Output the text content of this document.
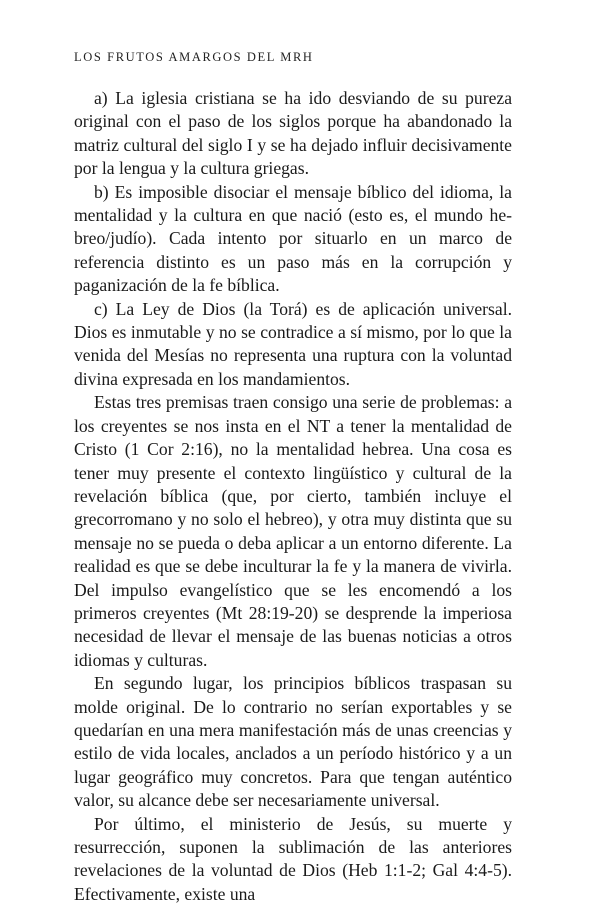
LOS FRUTOS AMARGOS DEL MRH

a) La iglesia cristiana se ha ido desviando de su pureza original con el paso de los siglos porque ha abandonado la matriz cultural del siglo I y se ha dejado influir decisivamente por la lengua y la cultura griegas.

b) Es imposible disociar el mensaje bíblico del idioma, la mentalidad y la cultura en que nació (esto es, el mundo hebreo/judío). Cada intento por situarlo en un marco de referencia distinto es un paso más en la corrupción y paganización de la fe bíblica.

c) La Ley de Dios (la Torá) es de aplicación universal. Dios es inmutable y no se contradice a sí mismo, por lo que la venida del Mesías no representa una ruptura con la voluntad divina expresada en los mandamientos.

Estas tres premisas traen consigo una serie de problemas: a los creyentes se nos insta en el NT a tener la mentalidad de Cristo (1 Cor 2:16), no la mentalidad hebrea. Una cosa es tener muy presente el contexto lingüístico y cultural de la revelación bíblica (que, por cierto, también incluye el grecorromano y no solo el hebreo), y otra muy distinta que su mensaje no se pueda o deba aplicar a un entorno diferente. La realidad es que se debe inculturar la fe y la manera de vivirla. Del impulso evangelístico que se les encomendó a los primeros creyentes (Mt 28:19-20) se desprende la imperiosa necesidad de llevar el mensaje de las buenas noticias a otros idiomas y culturas.

En segundo lugar, los principios bíblicos traspasan su molde original. De lo contrario no serían exportables y se quedarían en una mera manifestación más de unas creencias y estilo de vida locales, anclados a un período histórico y a un lugar geográfico muy concretos. Para que tengan auténtico valor, su alcance debe ser necesariamente universal.

Por último, el ministerio de Jesús, su muerte y resurrección, suponen la sublimación de las anteriores revelaciones de la voluntad de Dios (Heb 1:1-2; Gal 4:4-5). Efectivamente, existe una
